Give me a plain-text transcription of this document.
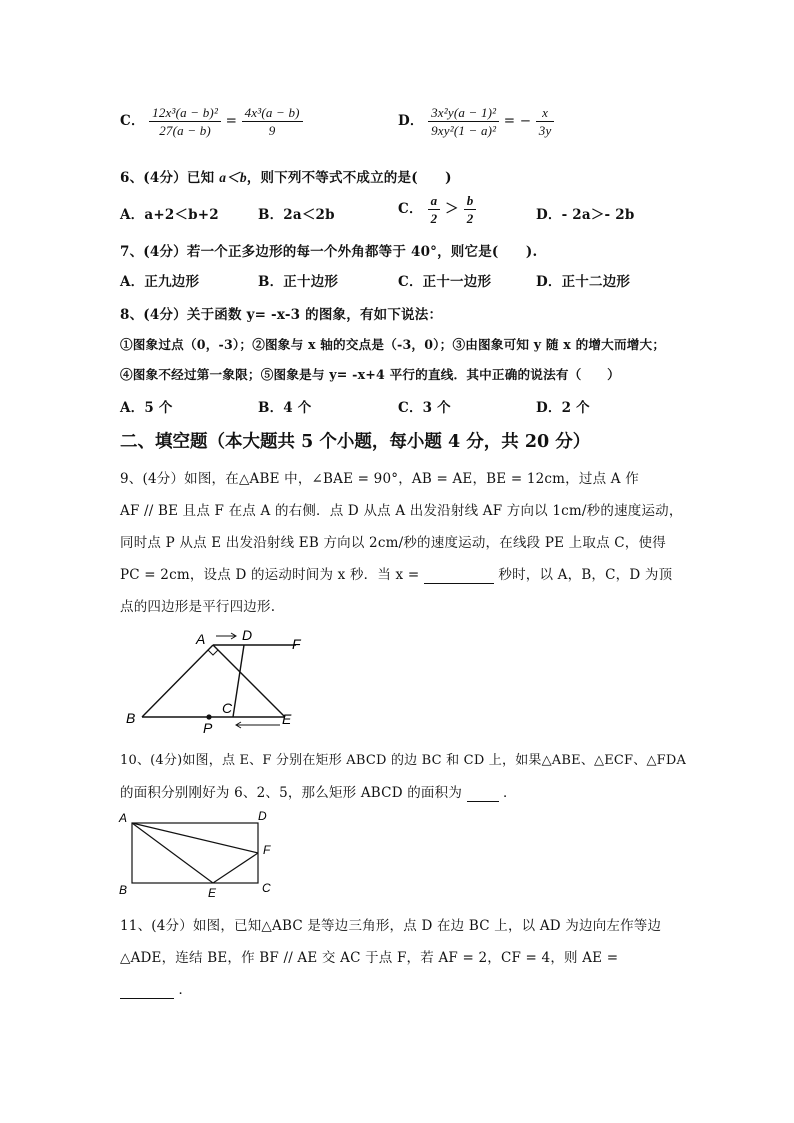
C． $\frac{\text{12x³(a − b)²}}{27(a - b)} = \frac{\text{4x³(a − b)}}{9}$	D． $\frac{\text{3x²y(a − 1)²}}{\text{9xy²(1 − a)²}}$ = − $\frac{x}{3y}$
6、(4分）已知 a＜b，则下列不等式不成立的是(　　)
A．a+2＜b+2	B．2a＜2b	C． $\frac{a}{2} > \frac{b}{2}$	D．- 2a＞- 2b
7、(4分）若一个正多边形的每一个外角都等于 40°，则它是(　　).
A．正九边形	B．正十边形	C．正十一边形	D．正十二边形
8、(4分）关于函数 y= -x-3 的图象，有如下说法：
①图象过点（0，-3）；②图象与 x 轴的交点是（-3，0）；③由图象可知 y 随 x 的增大而增大；
④图象不经过第一象限；⑤图象是与 y= -x+4 平行的直线．其中正确的说法有（　　）
A．5 个	B．4 个	C．3 个	D．2 个
二、填空题（本大题共 5 个小题，每小题 4 分，共 20 分）
9、(4分）如图，在△ABE 中，∠BAE = 90°，AB = AE，BE = 12cm，过点 A 作
AF // BE 且点 F 在点 A 的右侧．点 D 从点 A 出发沿射线 AF 方向以 1cm/秒的速度运动，
同时点 P 从点 E 出发沿射线 EB 方向以 2cm/秒的速度运动，在线段 PE 上取点 C，使得
PC = 2cm，设点 D 的运动时间为 x 秒．当 x =	秒时，以 A，B，C，D 为顶
点的四边形是平行四边形.
A	D
F
B
P
C
E
10、(4分)如图，点 E、F 分别在矩形 ABCD 的边 BC 和 CD 上，如果△ABE、△ECF、△FDA
的面积分别刚好为 6、2、5，那么矩形 ABCD 的面积为	．
A	D
F
B	E	C
11、(4分）如图，已知△ABC 是等边三角形，点 D 在边 BC 上，以 AD 为边向左作等边
△ADE，连结 BE，作 BF // AE 交 AC 于点 F，若 AF = 2，CF = 4，则 AE =
．
